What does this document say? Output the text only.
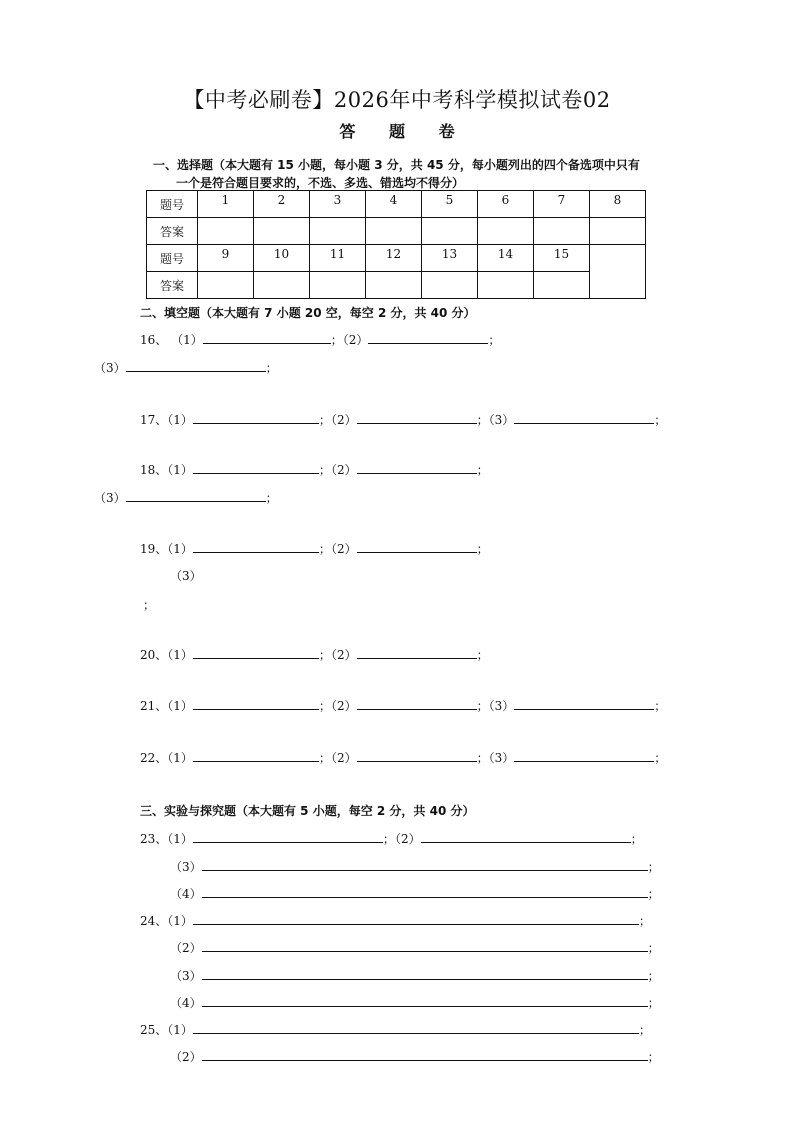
【中考必刷卷】2026年中考科学模拟试卷02
答 题 卷
一、选择题（本大题有 15 小题，每小题 3 分，共 45 分，每小题列出的四个备选项中只有
一个是符合题目要求的，不选、多选、错选均不得分）
题号	1	2	3	4	5	6	7	8

答案								
题号	9	10	11	12	13	14	15	

答案								
二、填空题（本大题有 7 小题 20 空，每空 2 分，共 40 分）
16、 （1）	；（2）	；
（3）	；
17、（1）	；（2）	；（3）	；
18、（1）	；（2）	；
（3）	；
19、（1）	；（2）	；
（3）
；
20、（1）	；（2）	；
21、（1）	；（2）	；（3）	；
22、（1）	；（2）	；（3）	；
三、实验与探究题（本大题有 5 小题，每空 2 分，共 40 分）
23、（1）	；（2）	；
（3）	；
（4）	；
24、（1）	；
（2）	；
（3）	；
（4）	；
25、（1）	；
（2）	；
